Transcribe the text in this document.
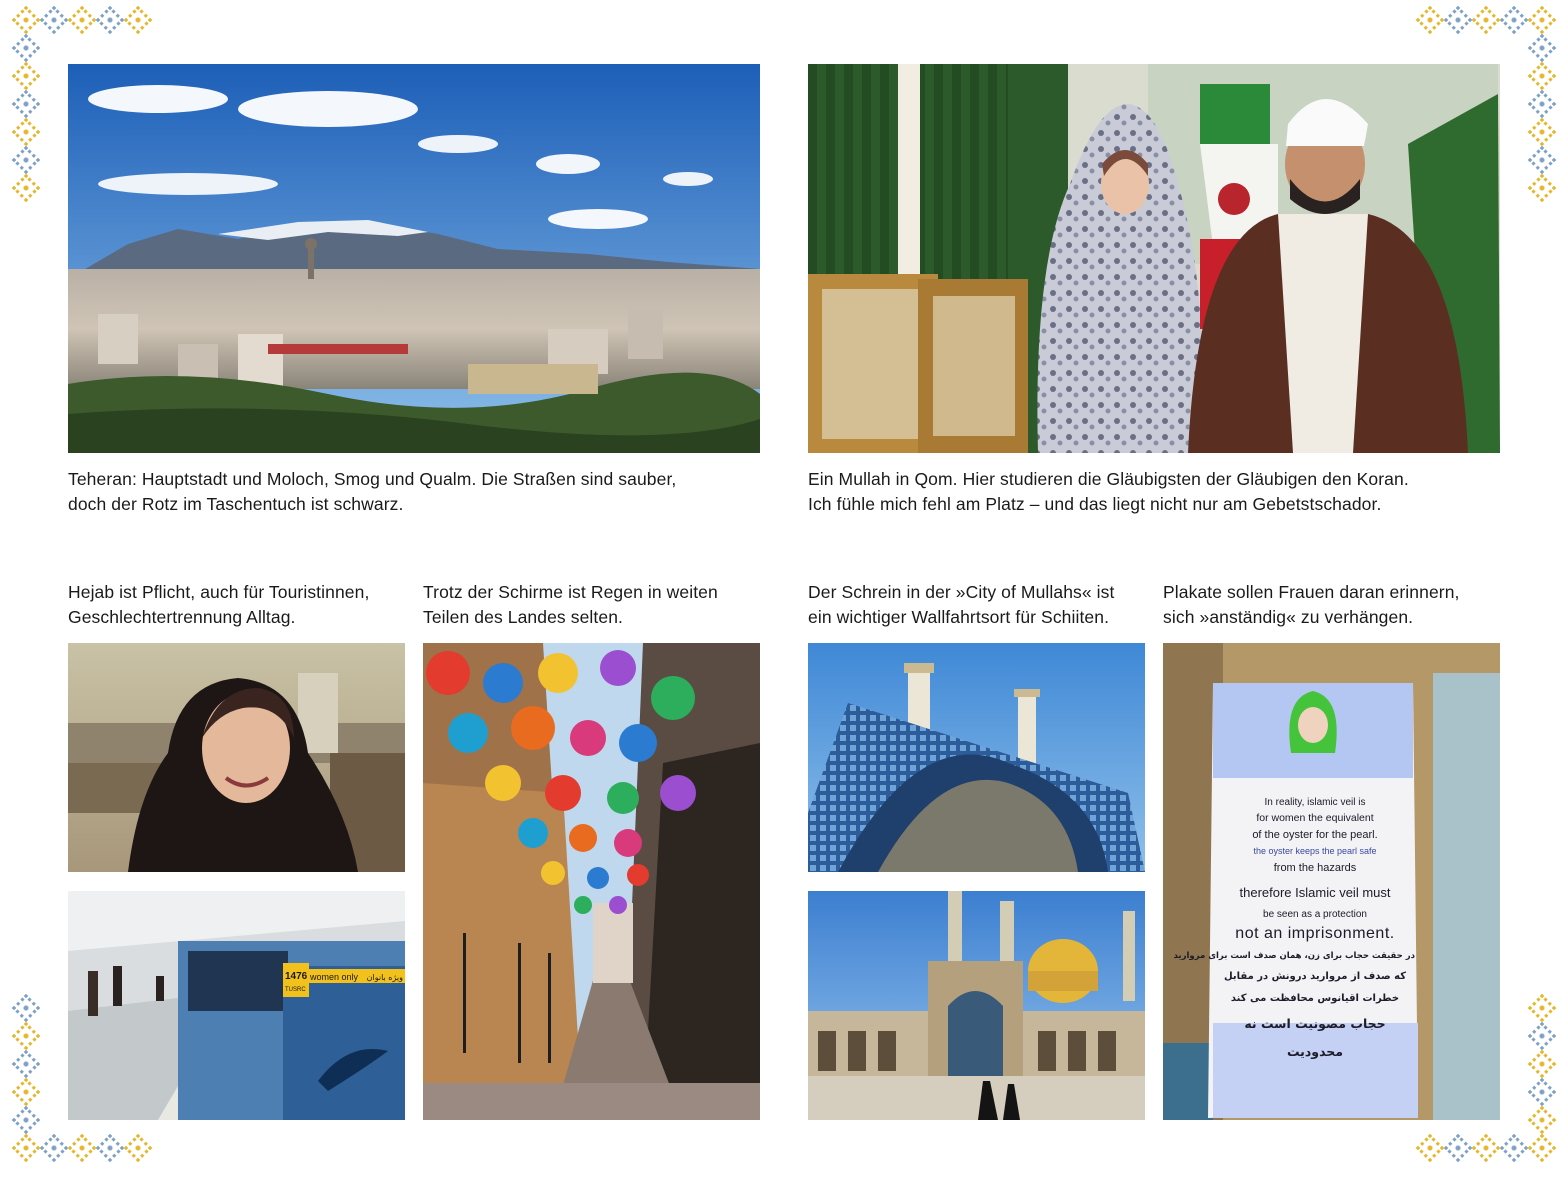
Teheran: Hauptstadt und Moloch, Smog und Qualm. Die Straßen sind sauber,
doch der Rotz im Taschentuch ist schwarz.
Ein Mullah in Qom. Hier studieren die Gläubigsten der Gläubigen den Koran.
Ich fühle mich fehl am Platz – und das liegt nicht nur am Gebetstschador.
Hejab ist Pflicht, auch für Touristinnen,
Geschlechtertrennung Alltag.
Trotz der Schirme ist Regen in weiten
Teilen des Landes selten.
Der Schrein in der »City of Mullahs« ist
ein wichtiger Wallfahrtsort für Schiiten.
Plakate sollen Frauen daran erinnern,
sich »anständig« zu verhängen.
1476
TUSRC
women only ویژه بانوان
In reality, islamic veil is
for women the equivalent
of the oyster for the pearl.
the oyster keeps the pearl safe
from the hazards
therefore Islamic veil must
be seen as a protection
not an imprisonment.
در حقیقت حجاب برای زن، همان صدف است برای مروارید
که صدف از مروارید درونش در مقابل
خطرات اقیانوس محافظت می کند
حجاب مصونیت است نه محدودیت
